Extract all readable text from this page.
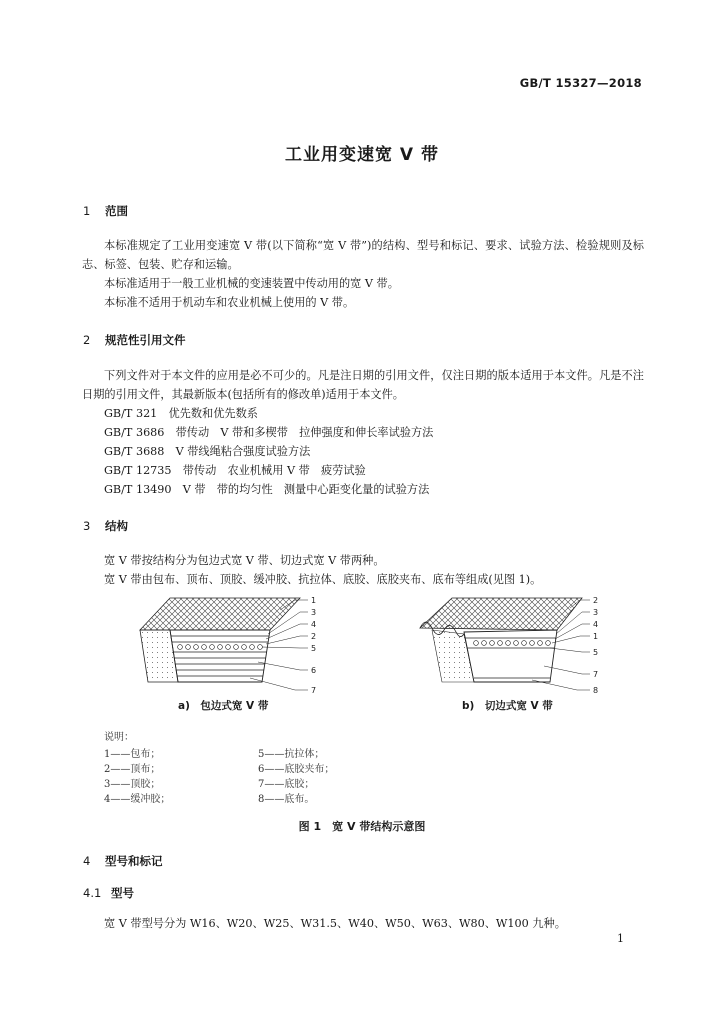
GB/T 15327—2018
工业用变速宽 V 带
1 范围
本标准规定了工业用变速宽 V 带(以下简称“宽 V 带”)的结构、型号和标记、要求、试验方法、检验规则及标志、标签、包装、贮存和运输。
本标准适用于一般工业机械的变速装置中传动用的宽 V 带。
本标准不适用于机动车和农业机械上使用的 V 带。
2 规范性引用文件
下列文件对于本文件的应用是必不可少的。凡是注日期的引用文件，仅注日期的版本适用于本文件。凡是不注日期的引用文件，其最新版本(包括所有的修改单)适用于本文件。
GB/T 321　优先数和优先数系
GB/T 3686　带传动　V 带和多楔带　拉伸强度和伸长率试验方法
GB/T 3688　V 带线绳粘合强度试验方法
GB/T 12735　带传动　农业机械用 V 带　疲劳试验
GB/T 13490　V 带　带的均匀性　测量中心距变化量的试验方法
3 结构
宽 V 带按结构分为包边式宽 V 带、切边式宽 V 带两种。
宽 V 带由包布、顶布、顶胶、缓冲胶、抗拉体、底胶、底胶夹布、底布等组成(见图 1)。
1
3
4
2
5
6
7
a)　包边式宽 V 带
2
3
4
1
5
7
8
b)　切边式宽 V 带
说明：
1——包布；
2——顶布；
3——顶胶；
4——缓冲胶；
5——抗拉体；
6——底胶夹布；
7——底胶；
8——底布。
图 1　宽 V 带结构示意图
4 型号和标记
4.1 型号
宽 V 带型号分为 W16、W20、W25、W31.5、W40、W50、W63、W80、W100 九种。
1
